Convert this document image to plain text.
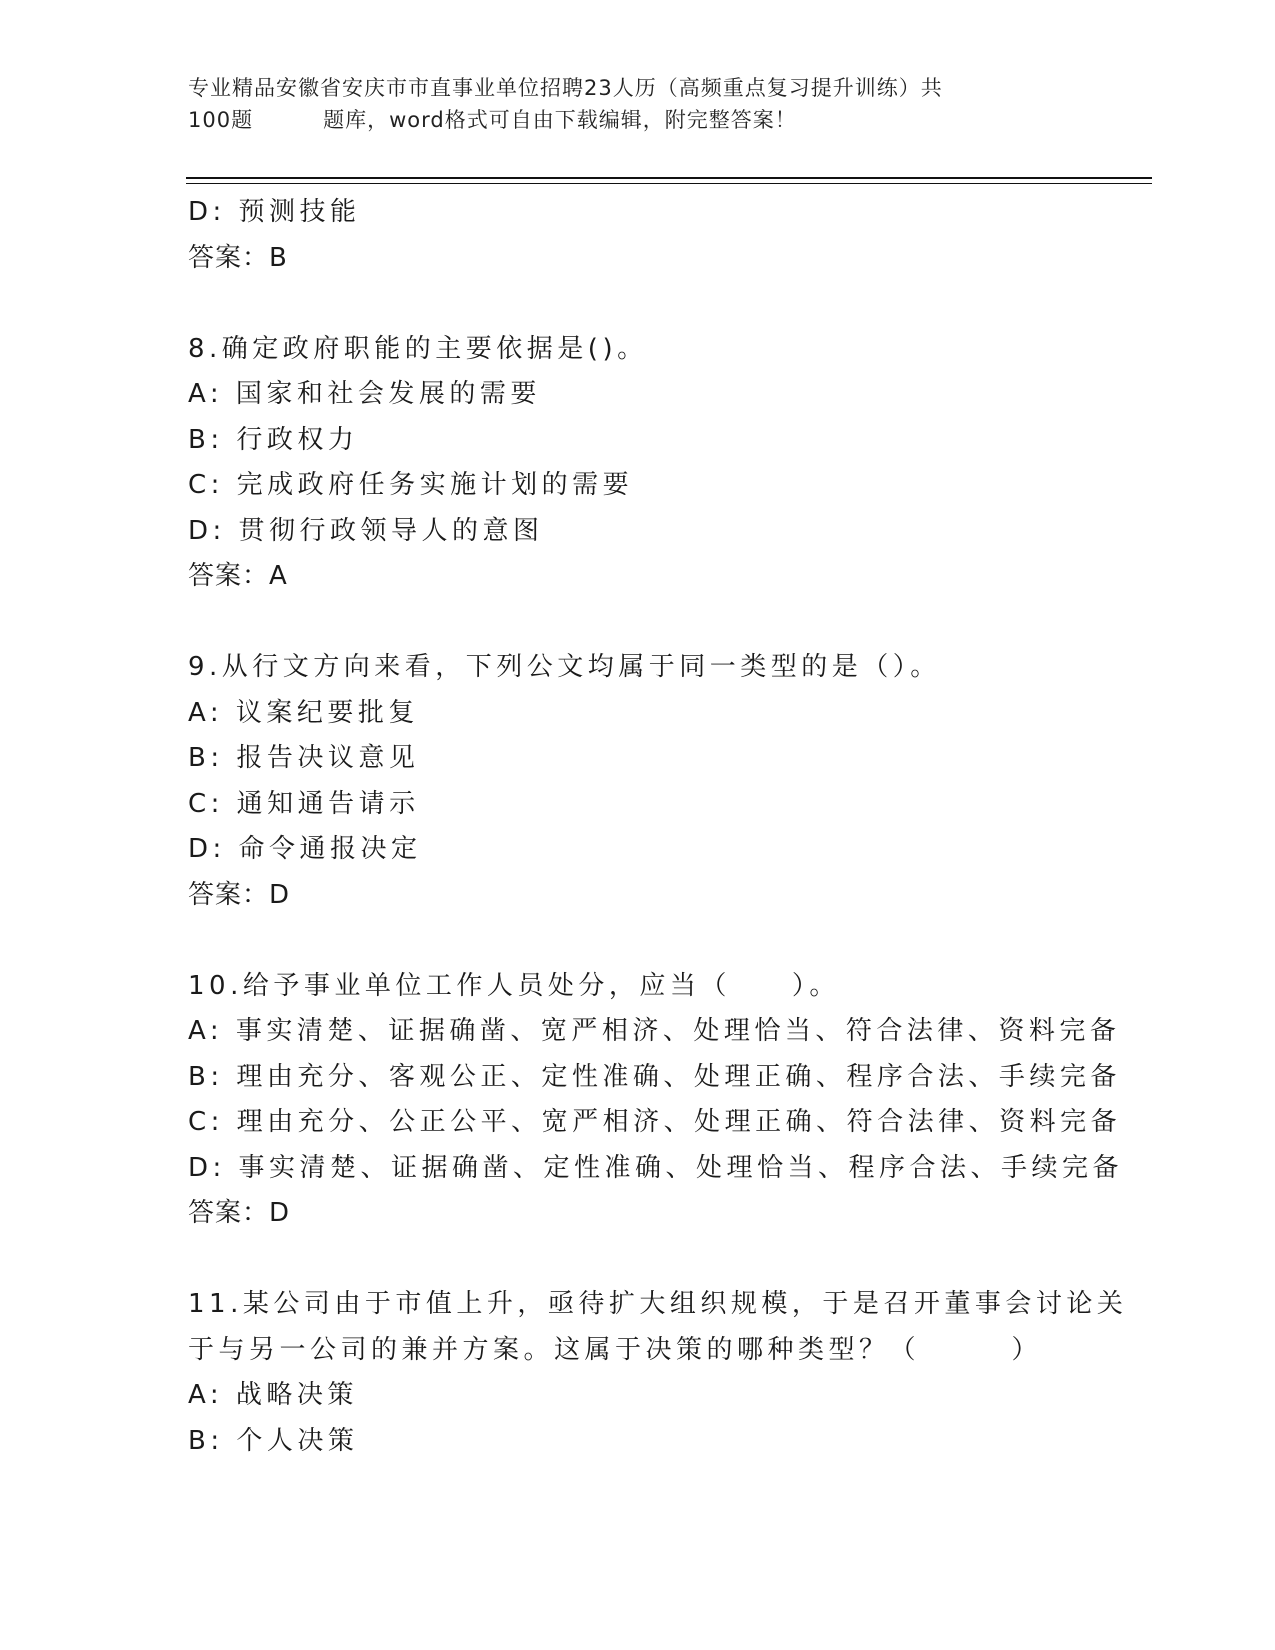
专业精品安徽省安庆市市直事业单位招聘23人历（高频重点复习提升训练）共
100题	题库，word格式可自由下载编辑，附完整答案！
D: 预测技能
答案：B
8.确定政府职能的主要依据是()。
A: 国家和社会发展的需要
B: 行政权力
C: 完成政府任务实施计划的需要
D: 贯彻行政领导人的意图
答案：A
9.从行文方向来看，下列公文均属于同一类型的是（）。
A: 议案纪要批复
B: 报告决议意见
C: 通知通告请示
D: 命令通报决定
答案：D
10.给予事业单位工作人员处分，应当（　　）。
A: 事实清楚、证据确凿、宽严相济、处理恰当、符合法律、资料完备
B: 理由充分、客观公正、定性准确、处理正确、程序合法、手续完备
C: 理由充分、公正公平、宽严相济、处理正确、符合法律、资料完备
D: 事实清楚、证据确凿、定性准确、处理恰当、程序合法、手续完备
答案：D
11.某公司由于市值上升，亟待扩大组织规模，于是召开董事会讨论关
于与另一公司的兼并方案。这属于决策的哪种类型？（　　　）
A: 战略决策
B: 个人决策
